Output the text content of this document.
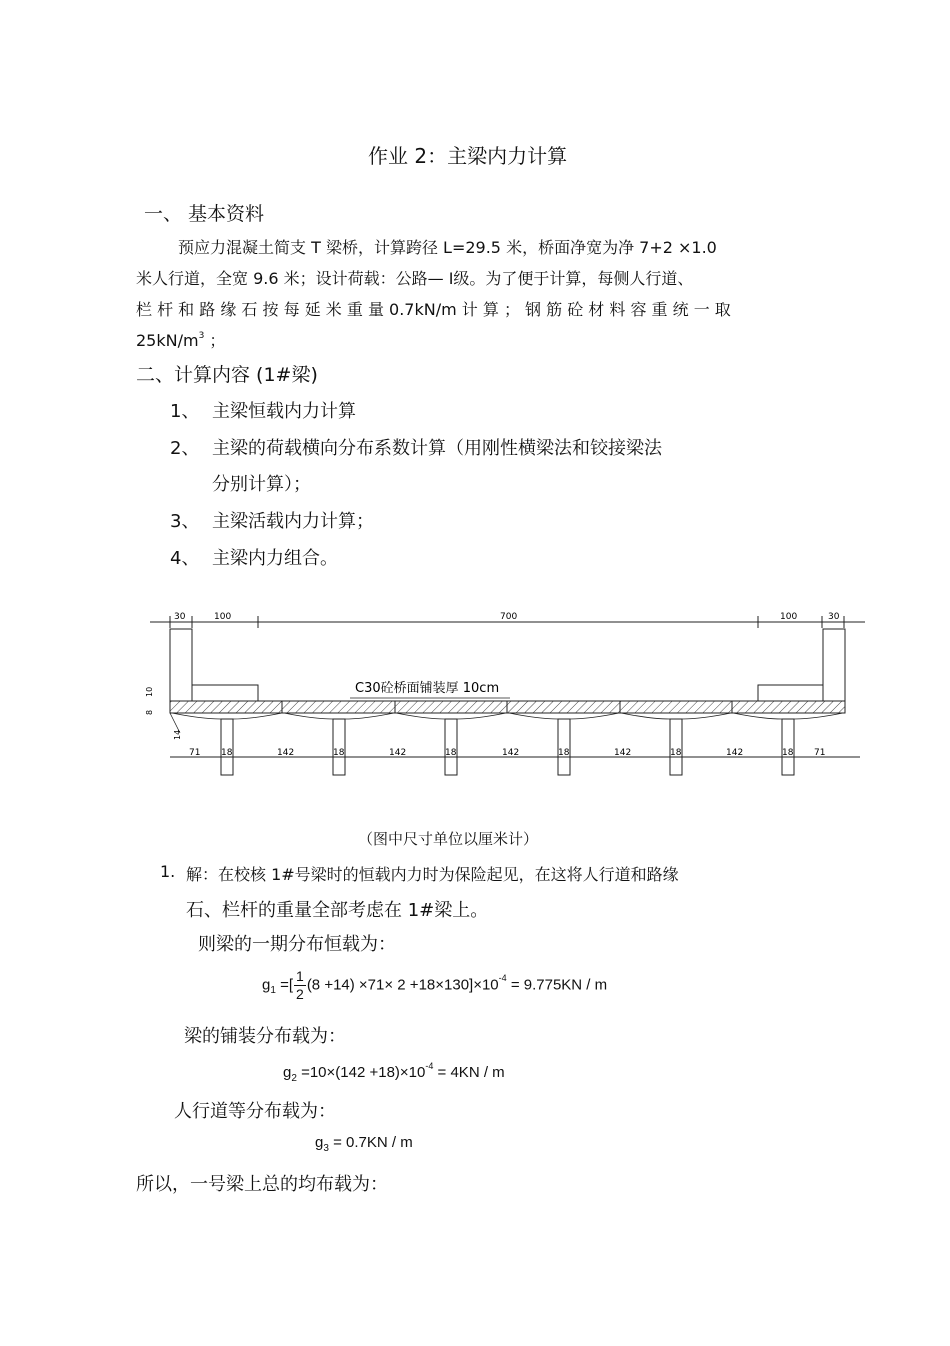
作业 2：主梁内力计算
一、 基本资料
预应力混凝土简支 T 梁桥，计算跨径 L=29.5 米，桥面净宽为净 7+2 ×1.0
米人行道，全宽 9.6 米；设计荷载：公路— I级。为了便于计算，每侧人行道、
栏 杆 和 路 缘 石 按 每 延 米 重 量 0.7kN/m 计 算 ； 钢 筋 砼 材 料 容 重 统 一 取
$25kN/m^3$ ；
二、计算内容 (1#梁)
1、 主梁恒载内力计算
2、 主梁的荷载横向分布系数计算（用刚性横梁法和铰接梁法
分别计算）；
3、 主梁活载内力计算；
4、 主梁内力组合。
30	100	700	100	30
C30砼桥面铺装厚 10cm
10
8
14
71 18	142	18	142	18	142	18	142	18	142	18 71
（图中尺寸单位以厘米计）
1. 解：在校核 1#号梁时的恒载内力时为保险起见，在这将人行道和路缘
石、栏杆的重量全部考虑在 1#梁上。
则梁的一期分布恒载为：
$g_1$ =[ $\frac{1}{2} (8 +14) \times 71\times 2 +18\times 130]\times 10^{-4} = 9.775KN / m$
梁的铺装分布载为：
$g_2 =10\times(142 +18)\times 10^{-4} = 4KN / m$
人行道等分布载为：
$g_3 = 0.7KN / m$
所以，一号梁上总的均布载为：
